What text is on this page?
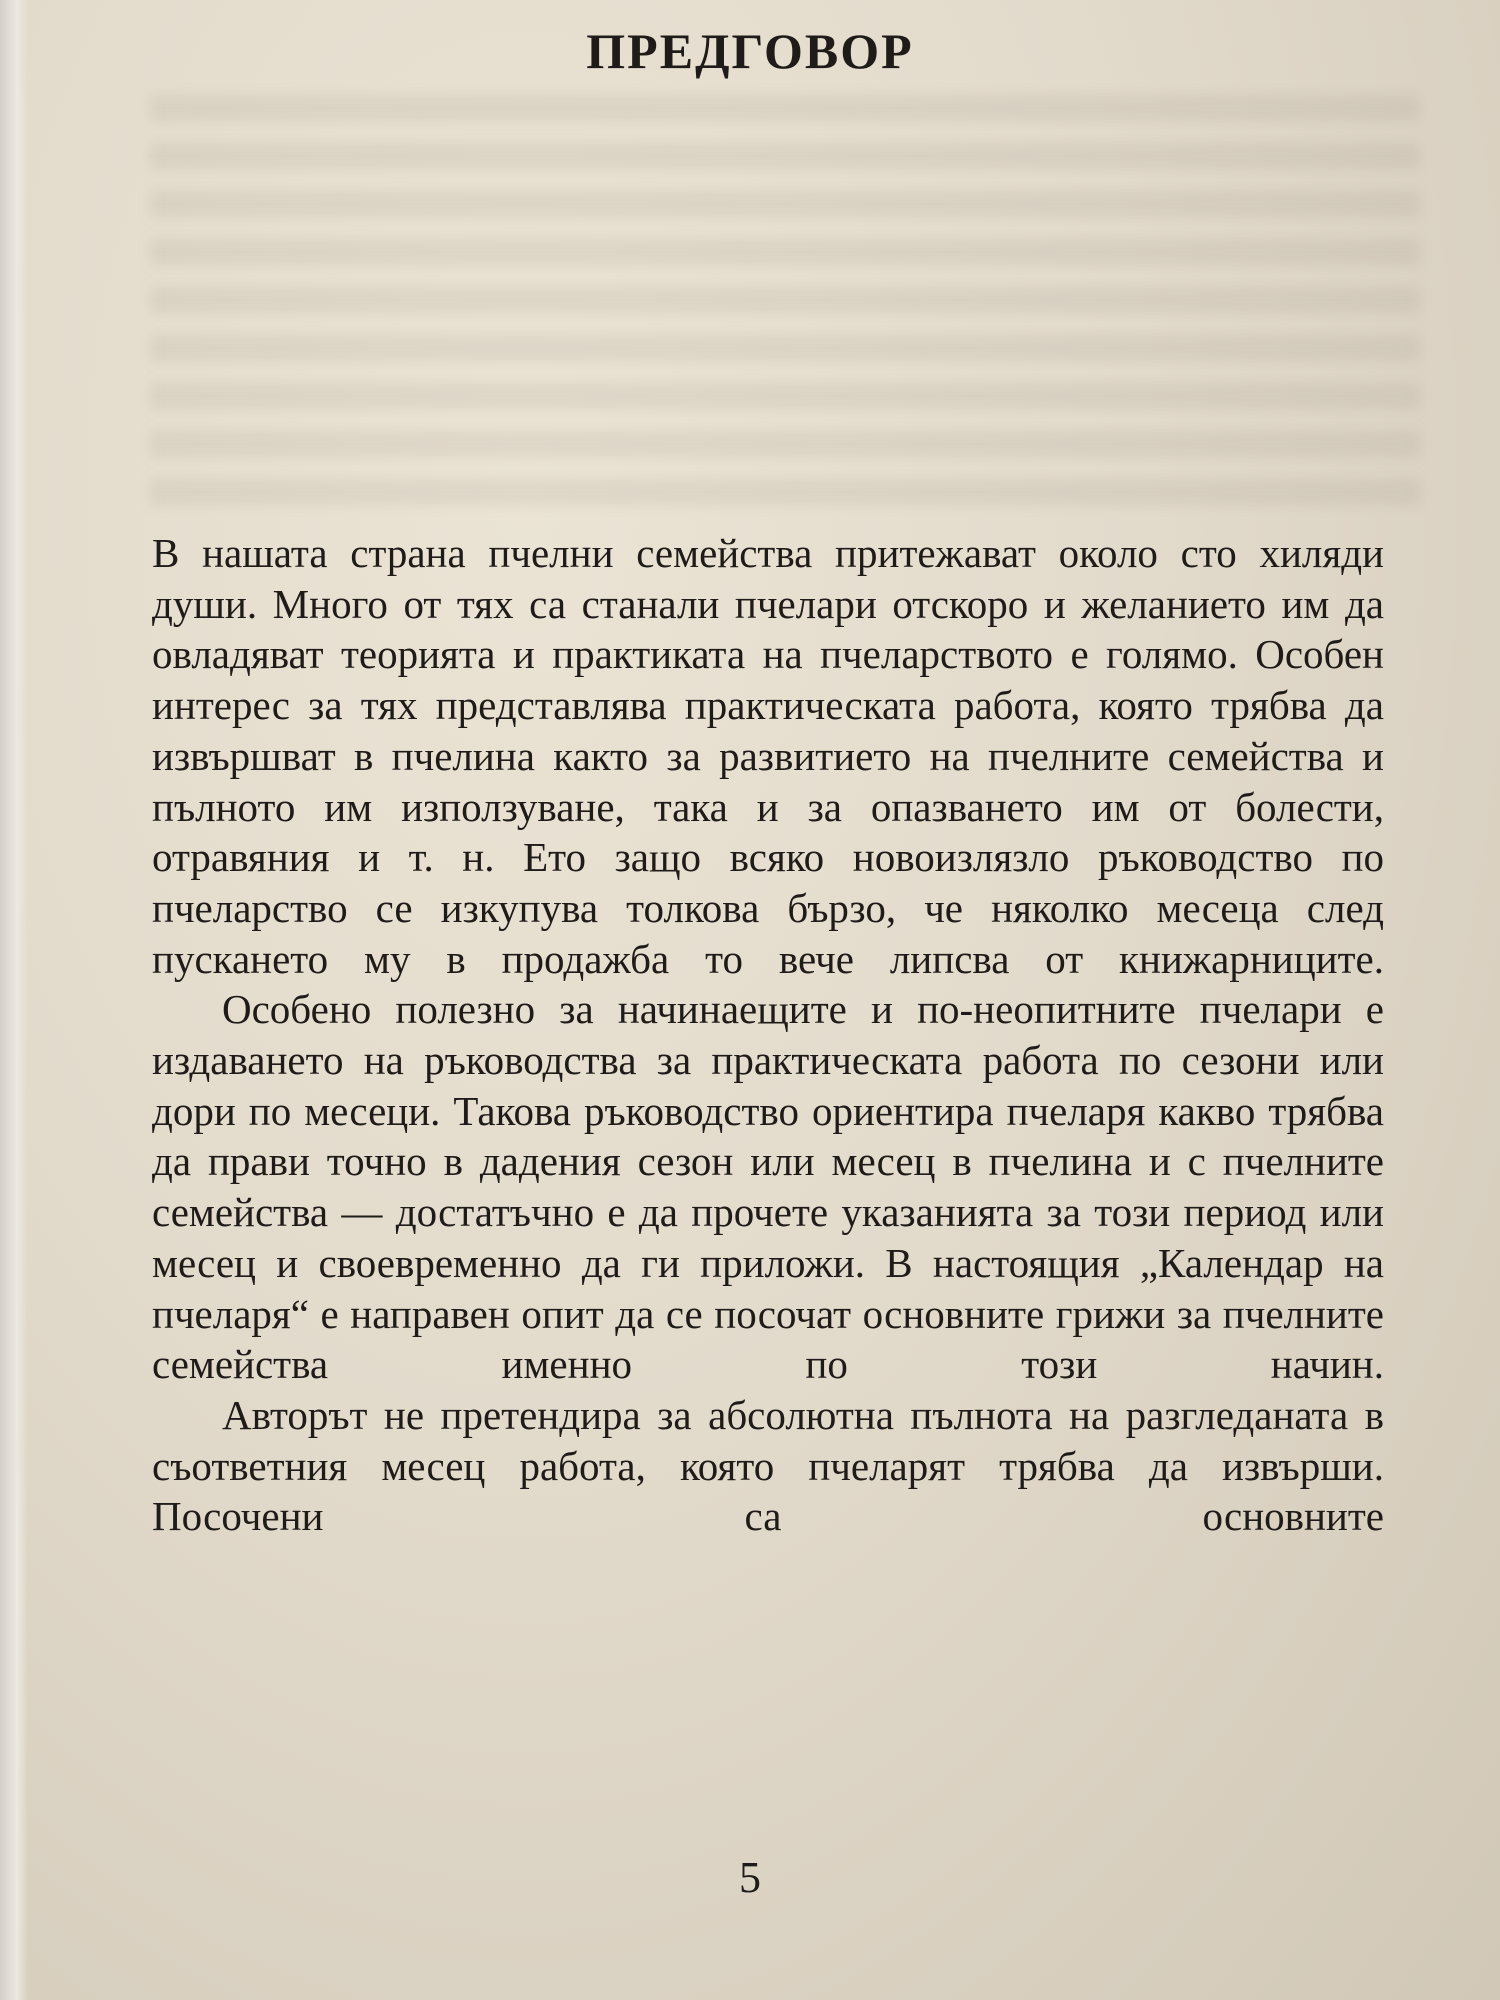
ПРЕДГОВОР

В нашата страна пчелни семейства притежават около сто хиляди души. Много от тях са станали пчелари отскоро и желанието им да овладяват теорията и практиката на пчеларството е голямо. Особен интерес за тях представлява практическата работа, която трябва да извършват в пчелина както за развитието на пчелните семейства и пълното им използуване, така и за опазването им от болести, отравяния и т. н. Ето защо всяко новоизлязло ръководство по пчеларство се изкупува толкова бързо, че няколко месеца след пускането му в продажба то вече липсва от книжарниците.

Особено полезно за начинаещите и по-неопитните пчелари е издаването на ръководства за практическата работа по сезони или дори по месеци. Такова ръководство ориентира пчеларя какво трябва да прави точно в дадения сезон или месец в пчелина и с пчелните семейства — достатъчно е да прочете указанията за този период или месец и своевременно да ги приложи. В настоящия „Календар на пчеларя“ е направен опит да се посочат основните грижи за пчелните семейства именно по този начин.

Авторът не претендира за абсолютна пълнота на разгледаната в съответния месец работа, която пчеларят трябва да извърши. Посочени са основните

5
